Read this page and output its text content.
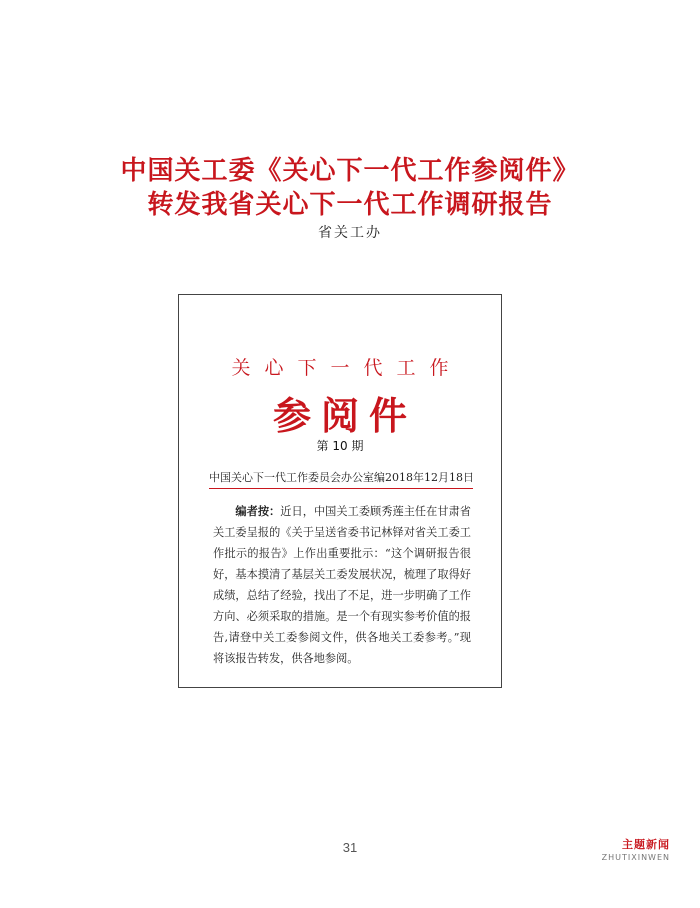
中国关工委《关心下一代工作参阅件》
转发我省关心下一代工作调研报告
省关工办
关心下一代工作
参阅件
第 10 期
中国关心下一代工作委员会办公室编 2018年12月18日
编者按：近日，中国关工委顾秀莲主任在甘肃省关工委呈报的《关于呈送省委书记林铎对省关工委工作批示的报告》上作出重要批示：“这个调研报告很好，基本摸清了基层关工委发展状况，梳理了取得好成绩，总结了经验，找出了不足，进一步明确了工作方向、必须采取的措施。是一个有现实参考价值的报告,请登中关工委参阅文件，供各地关工委参考。”现将该报告转发，供各地参阅。
31	主题新闻
ZHUTIXINWEN
